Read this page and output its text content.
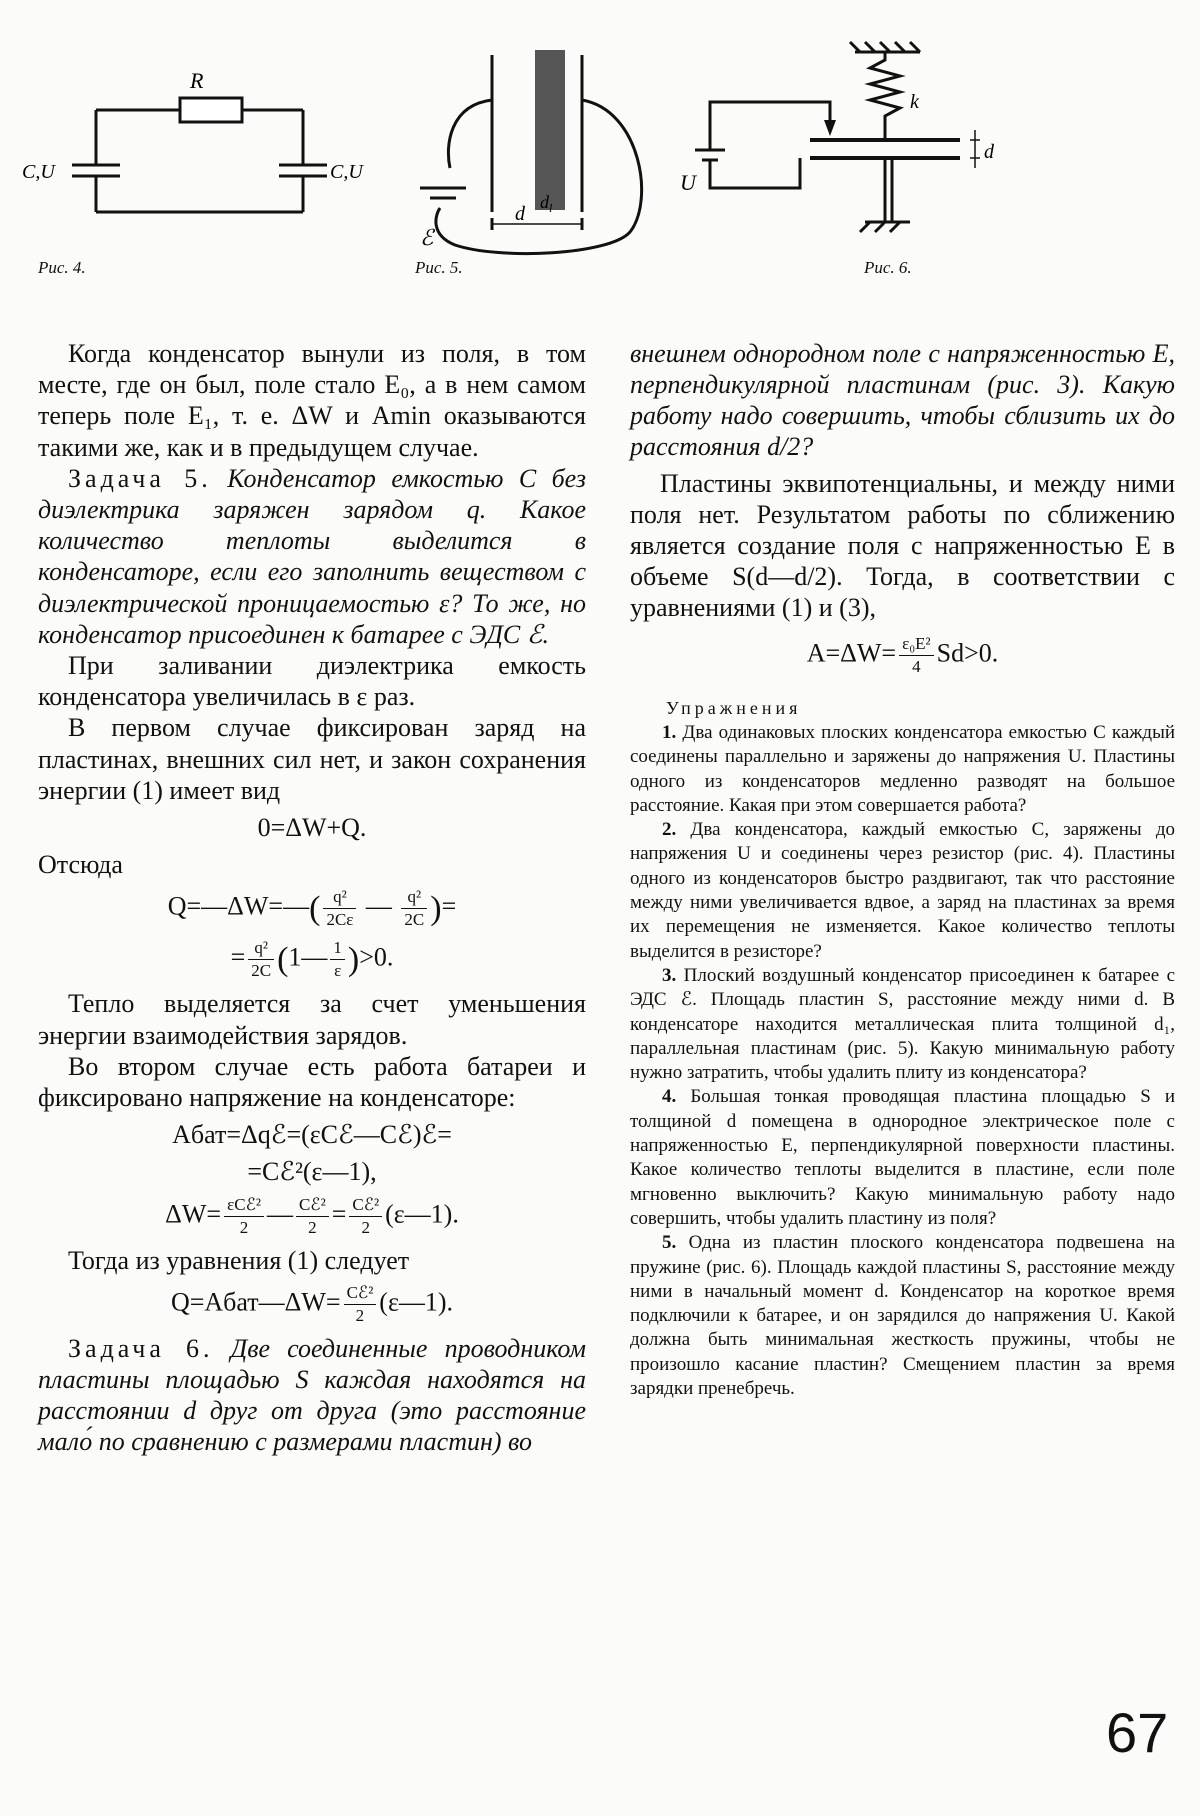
R
C,U	C,U
Рис. 4.
ℰ
d
$d_l$
Рис. 5.
k
U
d
Рис. 6.

Когда конденсатор вынули из поля, в том месте, где он был, поле стало E₀, а в нем самом теперь поле E₁, т. е. ΔW и Amin оказываются такими же, как и в предыдущем случае.

Задача 5. Конденсатор емкостью C без диэлектрика заряжен зарядом q. Какое количество теплоты выделится в конденсаторе, если его заполнить веществом с диэлектрической проницаемостью ε? То же, но конденсатор присоединен к батарее с ЭДС ℰ.

При заливании диэлектрика емкость конденсатора увеличилась в ε раз.

В первом случае фиксирован заряд на пластинах, внешних сил нет, и закон сохранения энергии (1) имеет вид

0=ΔW+Q.

Отсюда

Q=—ΔW=—( $\frac{\text{q²}}{2C\varepsilon}$ — $\frac{\text{q²}}{2C}$ )=
= $\frac{\text{q²}}{2C}$ (1— $\frac{1}{\varepsilon} )>0$.

Тепло выделяется за счет уменьшения энергии взаимодействия зарядов.

Во втором случае есть работа батареи и фиксировано напряжение на конденсаторе:

Aбат=Δqℰ=(εCℰ—Cℰ)ℰ=
=Cℰ²(ε—1),
$\Delta W= \frac{\text{εCℰ²}}{2}$ — $\frac{\text{Cℰ²}}{2} = \frac{\text{Cℰ²}}{2}$ (ε—1).

Тогда из уравнения (1) следует

Q=Aбат—ΔW= $\frac{\text{Cℰ²}}{2}$ (ε—1).

Задача 6. Две соединенные проводником пластины площадью S каждая находятся на расстоянии d друг от друга (это расстояние мало́ по сравнению с размерами пластин) во

внешнем однородном поле с напряженностью E, перпендикулярной пластинам (рис. 3). Какую работу надо совершить, чтобы сблизить их до расстояния d/2?

Пластины эквипотенциальны, и между ними поля нет. Результатом работы по сближению является создание поля с напряженностью E в объеме S(d—d/2). Тогда, в соответствии с уравнениями (1) и (3),

$A=\Delta W= \frac{\text{ε₀E²}}{4} Sd>0$.
Упражнения

1. Два одинаковых плоских конденсатора емкостью C каждый соединены параллельно и заряжены до напряжения U. Пластины одного из конденсаторов медленно разводят на большое расстояние. Какая при этом совершается работа?

2. Два конденсатора, каждый емкостью C, заряжены до напряжения U и соединены через резистор (рис. 4). Пластины одного из конденсаторов быстро раздвигают, так что расстояние между ними увеличивается вдвое, а заряд на пластинах за время их перемещения не изменяется. Какое количество теплоты выделится в резисторе?

3. Плоский воздушный конденсатор присоединен к батарее с ЭДС ℰ. Площадь пластин S, расстояние между ними d. В конденсаторе находится металлическая плита толщиной d₁, параллельная пластинам (рис. 5). Какую минимальную работу нужно затратить, чтобы удалить плиту из конденсатора?

4. Большая тонкая проводящая пластина площадью S и толщиной d помещена в однородное электрическое поле с напряженностью E, перпендикулярной поверхности пластины. Какое количество теплоты выделится в пластине, если поле мгновенно выключить? Какую минимальную работу надо совершить, чтобы удалить пластину из поля?

5. Одна из пластин плоского конденсатора подвешена на пружине (рис. 6). Площадь каждой пластины S, расстояние между ними в начальный момент d. Конденсатор на короткое время подключили к батарее, и он зарядился до напряжения U. Какой должна быть минимальная жесткость пружины, чтобы не произошло касание пластин? Смещением пластин за время зарядки пренебречь.

67
